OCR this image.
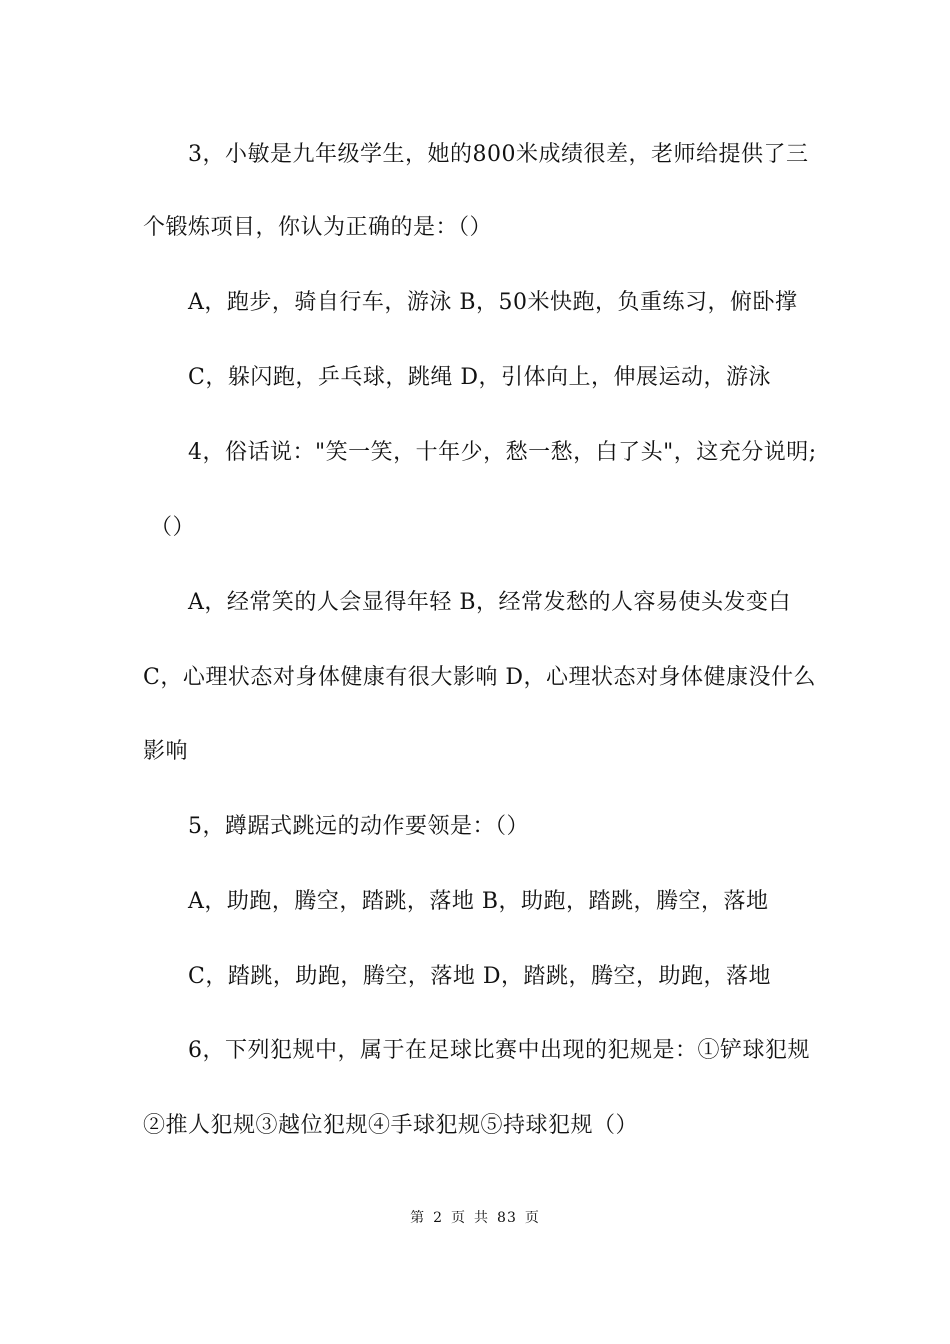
3，小敏是九年级学生，她的800米成绩很差，老师给提供了三
个锻炼项目，你认为正确的是：（）
A，跑步，骑自行车，游泳 B，50米快跑，负重练习，俯卧撑
C，躲闪跑，乒乓球，跳绳 D，引体向上，伸展运动，游泳
4，俗话说："笑一笑，十年少，愁一愁，白了头"，这充分说明;
（）
A，经常笑的人会显得年轻 B，经常发愁的人容易使头发变白
C，心理状态对身体健康有很大影响 D，心理状态对身体健康没什么
影响
5，蹲踞式跳远的动作要领是：（）
A，助跑，腾空，踏跳，落地 B，助跑，踏跳，腾空，落地
C，踏跳，助跑，腾空，落地 D，踏跳，腾空，助跑，落地
6，下列犯规中，属于在足球比赛中出现的犯规是：①铲球犯规
②推人犯规③越位犯规④手球犯规⑤持球犯规（）
第 2 页 共 83 页
